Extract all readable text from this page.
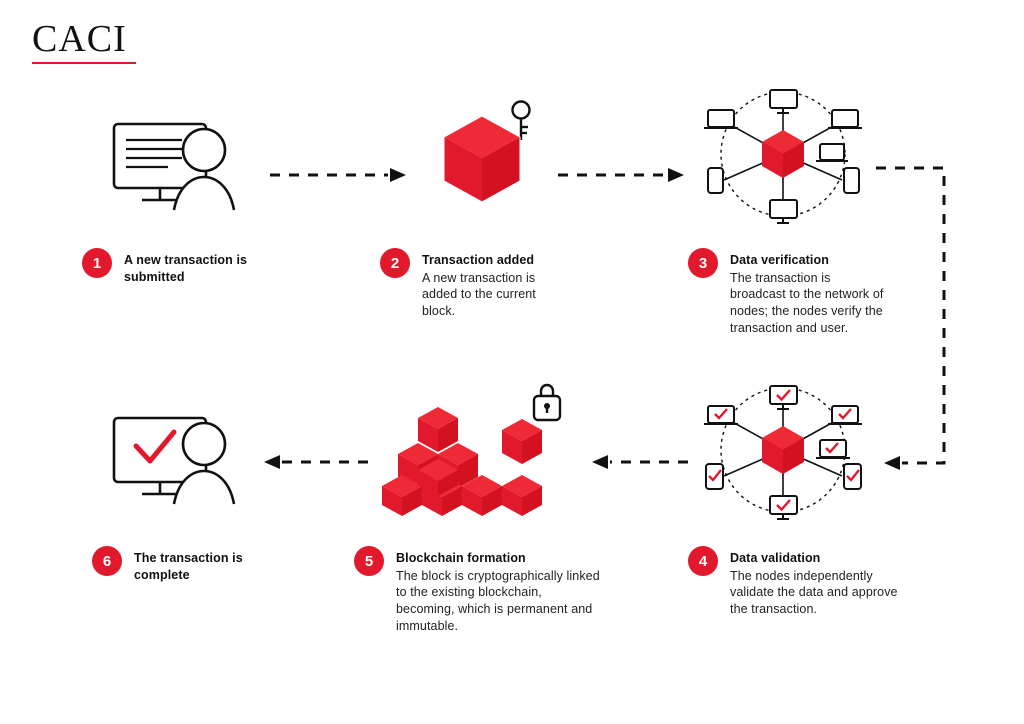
CACI
1	A new transaction is submitted
2	Transaction added
A new transaction is added to the current block.
3	Data verification
The transaction is broadcast to the network of nodes; the nodes verify the transaction and user.
4	Data validation
The nodes independently validate the data and approve the transaction.
5	Blockchain formation
The block is cryptographically linked to the existing blockchain, becoming, which is permanent and immutable.
6	The transaction is complete
